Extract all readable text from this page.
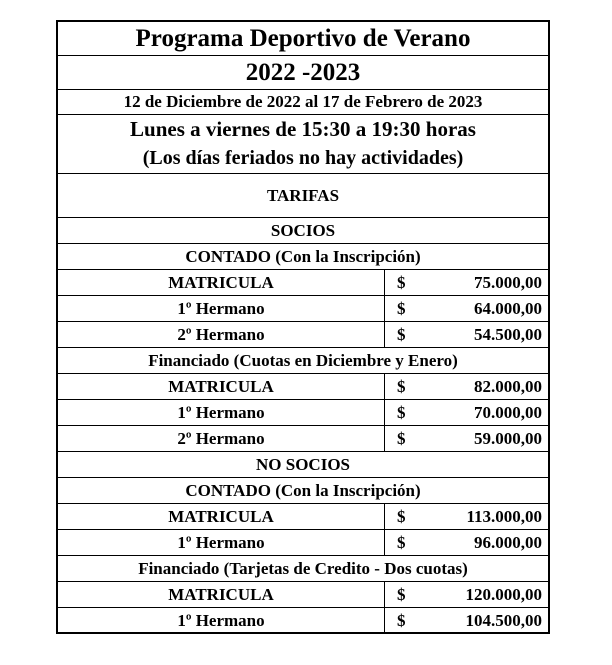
Programa Deportivo de Verano
2022 -2023
12 de Diciembre de 2022 al 17 de Febrero de 2023
Lunes a viernes de 15:30 a 19:30 horas
(Los días feriados no hay actividades)
TARIFAS
SOCIOS
CONTADO (Con la Inscripción)
MATRICULA	$	75.000,00
1º Hermano	$	64.000,00
2º Hermano	$	54.500,00
Financiado (Cuotas en Diciembre y Enero)
MATRICULA	$	82.000,00
1º Hermano	$	70.000,00
2º Hermano	$	59.000,00
NO SOCIOS
CONTADO (Con la Inscripción)
MATRICULA	$	113.000,00
1º Hermano	$	96.000,00
Financiado (Tarjetas de Credito - Dos cuotas)
MATRICULA	$	120.000,00
1º Hermano	$	104.500,00
